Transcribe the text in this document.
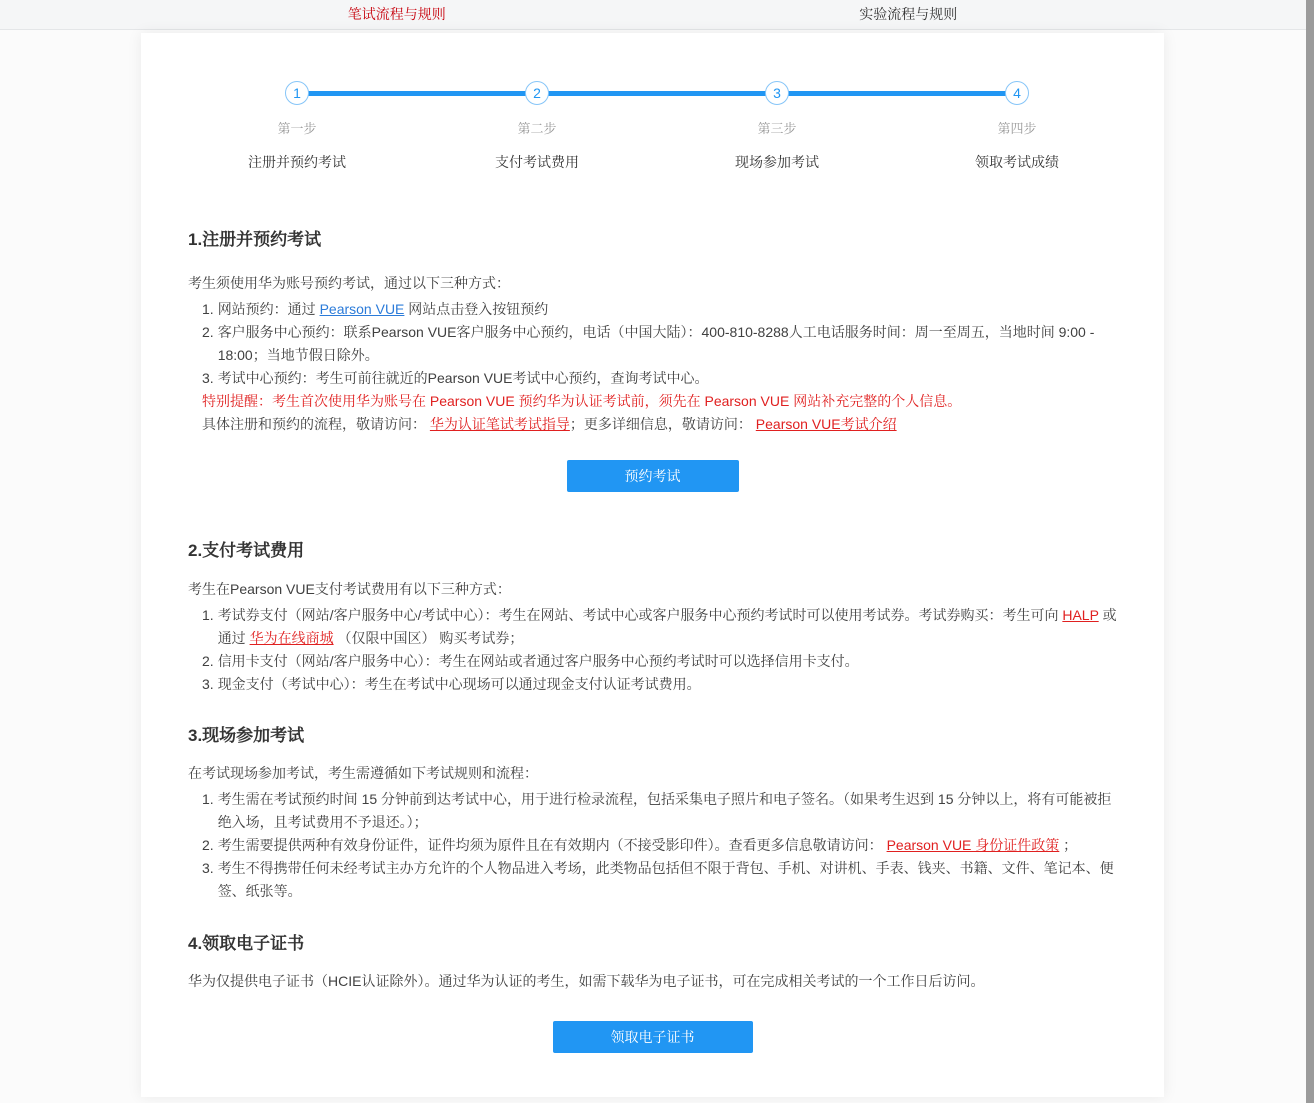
笔试流程与规则	实验流程与规则
1	2	3	4
第一步	第二步	第三步	第四步
注册并预约考试	支付考试费用	现场参加考试	领取考试成绩
1.注册并预约考试

考生须使用华为账号预约考试，通过以下三种方式：

1. 网站预约：通过 Pearson VUE 网站点击登入按钮预约
2. 客户服务中心预约：联系Pearson VUE客户服务中心预约，电话（中国大陆）：400-810-8288人工电话服务时间：周一至周五，当地时间 9:00 - 18:00；当地节假日除外。
3. 考试中心预约：考生可前往就近的Pearson VUE考试中心预约，查询考试中心。

特别提醒：考生首次使用华为账号在 Pearson VUE 预约华为认证考试前，须先在 Pearson VUE 网站补充完整的个人信息。

具体注册和预约的流程，敬请访问： 华为认证笔试考试指导；更多详细信息，敬请访问： Pearson VUE考试介绍

预约考试
2.支付考试费用

考生在Pearson VUE支付考试费用有以下三种方式：

1. 考试券支付（网站/客户服务中心/考试中心）：考生在网站、考试中心或客户服务中心预约考试时可以使用考试券。考试券购买：考生可向 HALP 或通过 华为在线商城 （仅限中国区） 购买考试券；
2. 信用卡支付（网站/客户服务中心）：考生在网站或者通过客户服务中心预约考试时可以选择信用卡支付。
3. 现金支付（考试中心）：考生在考试中心现场可以通过现金支付认证考试费用。
3.现场参加考试

在考试现场参加考试，考生需遵循如下考试规则和流程：

1. 考生需在考试预约时间 15 分钟前到达考试中心，用于进行检录流程，包括采集电子照片和电子签名。（如果考生迟到 15 分钟以上，将有可能被拒绝入场，且考试费用不予退还。）；
2. 考生需要提供两种有效身份证件，证件均须为原件且在有效期内（不接受影印件）。查看更多信息敬请访问： Pearson VUE 身份证件政策 ；
3. 考生不得携带任何未经考试主办方允许的个人物品进入考场，此类物品包括但不限于背包、手机、对讲机、手表、钱夹、书籍、文件、笔记本、便签、纸张等。
4.领取电子证书

华为仅提供电子证书（HCIE认证除外）。通过华为认证的考生，如需下载华为电子证书，可在完成相关考试的一个工作日后访问。

领取电子证书
